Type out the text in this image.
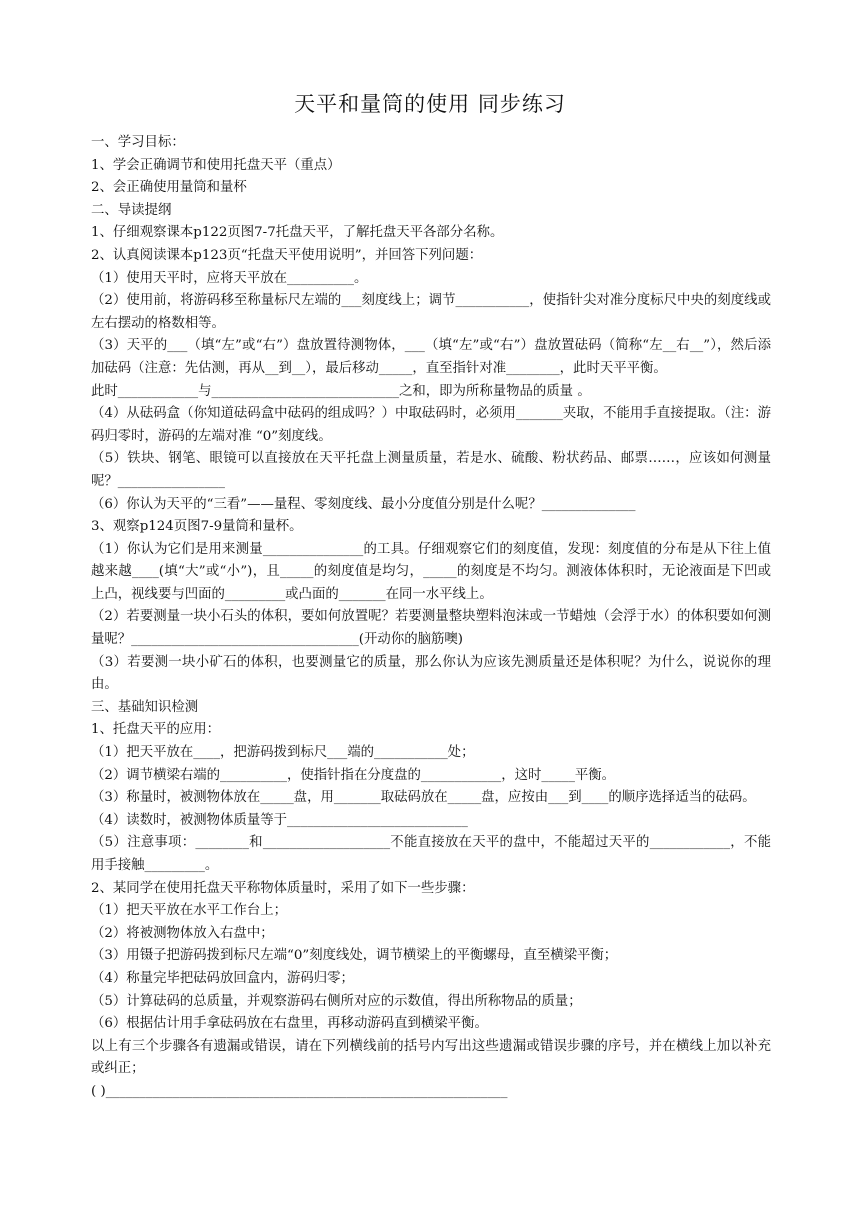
天平和量筒的使用 同步练习
一、学习目标：
1、学会正确调节和使用托盘天平（重点）
2、会正确使用量筒和量杯
二、导读提纲
1、仔细观察课本p122页图7-7托盘天平，了解托盘天平各部分名称。
2、认真阅读课本p123页“托盘天平使用说明”，并回答下列问题：
（1）使用天平时，应将天平放在__________。
（2）使用前，将游码移至称量标尺左端的___刻度线上；调节___________，使指针尖对准分度标尺中央的刻度线或左右摆动的格数相等。
（3）天平的___（填“左”或“右”）盘放置待测物体，___（填“左”或“右”）盘放置砝码（简称“左__右__”），然后添加砝码（注意：先估测，再从__到__），最后移动_____，直至指针对准________，此时天平平衡。
此时____________与____________________________之和，即为所称量物品的质量 。
（4）从砝码盒（你知道砝码盒中砝码的组成吗？）中取砝码时，必须用_______夹取，不能用手直接提取。（注：游码归零时，游码的左端对准 “0”刻度线。
（5）铁块、钢笔、眼镜可以直接放在天平托盘上测量质量，若是水、硫酸、粉状药品、邮票……，应该如何测量呢？________________
（6）你认为天平的“三看”——量程、零刻度线、最小分度值分别是什么呢？______________
3、观察p124页图7-9量筒和量杯。
（1）你认为它们是用来测量_______________的工具。仔细观察它们的刻度值，发现：刻度值的分布是从下往上值越来越____(填“大”或“小”)，且_____的刻度值是均匀，_____的刻度是不均匀。测液体体积时，无论液面是下凹或上凸，视线要与凹面的_________或凸面的_______在同一水平线上。
（2）若要测量一块小石头的体积，要如何放置呢？若要测量整块塑料泡沫或一节蜡烛（会浮于水）的体积要如何测量呢？__________________________________(开动你的脑筋噢)
（3）若要测一块小矿石的体积，也要测量它的质量，那么你认为应该先测质量还是体积呢？为什么，说说你的理由。
三、基础知识检测
1、托盘天平的应用：
（1）把天平放在____，把游码拨到标尺___端的___________处；
（2）调节横梁右端的__________，使指针指在分度盘的____________，这时_____平衡。
（3）称量时，被测物体放在_____盘，用_______取砝码放在_____盘，应按由___到____的顺序选择适当的砝码。
（4）读数时，被测物体质量等于___________________________
（5）注意事项：________和___________________不能直接放在天平的盘中，不能超过天平的____________，不能用手接触_________。
2、某同学在使用托盘天平称物体质量时，采用了如下一些步骤：
（1）把天平放在水平工作台上；
（2）将被测物体放入右盘中；
（3）用镊子把游码拨到标尺左端“0”刻度线处，调节横梁上的平衡螺母，直至横梁平衡；
（4）称量完毕把砝码放回盒内，游码归零；
（5）计算砝码的总质量，并观察游码右侧所对应的示数值，得出所称物品的质量；
（6）根据估计用手拿砝码放在右盘里，再移动游码直到横梁平衡。
以上有三个步骤各有遗漏或错误，请在下列横线前的括号内写出这些遗漏或错误步骤的序号，并在横线上加以补充或纠正；
( )____________________________________________________________
